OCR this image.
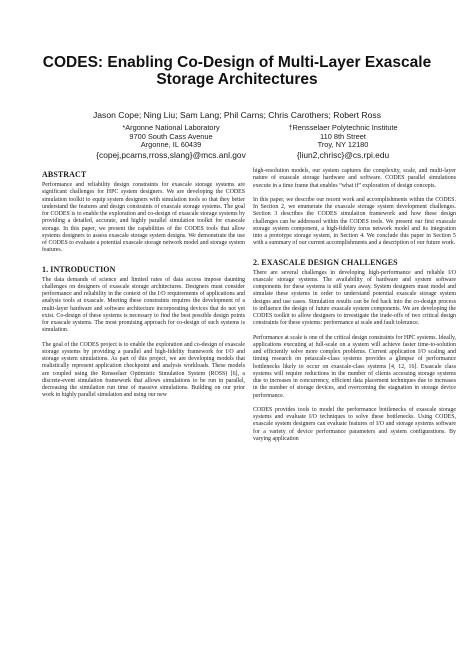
CODES: Enabling Co-Design of Multi-Layer Exascale
Storage Architectures
Jason Cope; Ning Liu; Sam Lang; Phil Carns; Chris Carothers; Robert Ross
*Argonne National Laboratory
9700 South Cass Avenue
Argonne, IL 60439
{copej,pcarns,rross,slang}@mcs.anl.gov
†Rensselaer Polytechnic Institute
110 8th Street
Troy, NY 12180
{liun2,chrisc}@cs.rpi.edu
ABSTRACT

Performance and reliability design constraints for exascale storage systems are significant challenges for HPC system designers. We are developing the CODES simulation toolkit to equip system designers with simulation tools so that they better understand the features and design constraints of exascale storage systems. The goal for CODES is to enable the exploration and co-design of exascale storage systems by providing a detailed, accurate, and highly parallel simulation toolkit for exascale storage. In this paper, we present the capabilities of the CODES tools that allow systems designers to assess exascale storage system designs. We demonstrate the use of CODES to evaluate a potential exascale storage network model and storage system features.

1. INTRODUCTION

The data demands of science and limited rates of data access impose daunting challenges on designers of exascale storage architectures. Designers must consider performance and reliability in the context of the I/O requirements of applications and analysis tools at exascale. Meeting these constraints requires the development of a multi-layer hardware and software architecture incorporating devices that do not yet exist. Co-design of these systems is necessary to find the best possible design points for exascale systems. The most promising approach for co-design of such systems is simulation.

The goal of the CODES project is to enable the exploration and co-design of exascale storage systems by providing a parallel and high-fidelity framework for I/O and storage system simulations. As part of this project, we are developing models that realistically represent application checkpoint and analysis workloads. These models are coupled using the Rensselaer Optimistic Simulation System (ROSS) [6], a discrete-event simulation framework that allows simulations to be run in parallel, decreasing the simulation run time of massive simulations. Building on our prior work in highly parallel simulation and using our new

high-resolution models, our system captures the complexity, scale, and multi-layer nature of exascale storage hardware and software. CODES parallel simulations execute in a time frame that enables “what if” exploration of design concepts.

In this paper, we describe our recent work and accomplishments within the CODES. In Section 2, we enumerate the exascale storage system development challenges. Section 3 describes the CODES simulation framework and how these design challenges can be addressed within the CODES tools. We present our first exascale storage system component, a high-fidelity torus network model and its integration into a prototype storage system, in Section 4. We conclude this paper in Section 5 with a summary of our current accomplishments and a description of our future work.

2. EXASCALE DESIGN CHALLENGES

There are several challenges in developing high-performance and reliable I/O exascale storage systems. The availability of hardware and system software components for these systems is still years away. System designers must model and simulate these systems in order to understand potential exascale storage system designs and use cases. Simulation results can be fed back into the co-design process to influence the design of future exascale system components. We are developing the CODES toolkit to allow designers to investigate the trade-offs of two critical design constraints for these systems: performance at scale and fault tolerance.

Performance at scale is one of the critical design constraints for HPC systems. Ideally, applications executing at full-scale on a system will achieve faster time-to-solution and efficiently solve more complex problems. Current application I/O scaling and timing research on petascale-class systems provides a glimpse of performance bottlenecks likely to occur on exascale-class systems [4, 12, 16]. Exascale class systems will require reductions in the number of clients accessing storage systems due to increases in concurrency, efficient data placement techniques due to increases in the number of storage devices, and overcoming the stagnation in storage device performance.

CODES provides tools to model the performance bottlenecks of exascale storage systems and evaluate I/O techniques to solve these bottlenecks. Using CODES, exascale system designers can evaluate features of I/O and storage systems software for a variety of device performance parameters and system configurations. By varying application
